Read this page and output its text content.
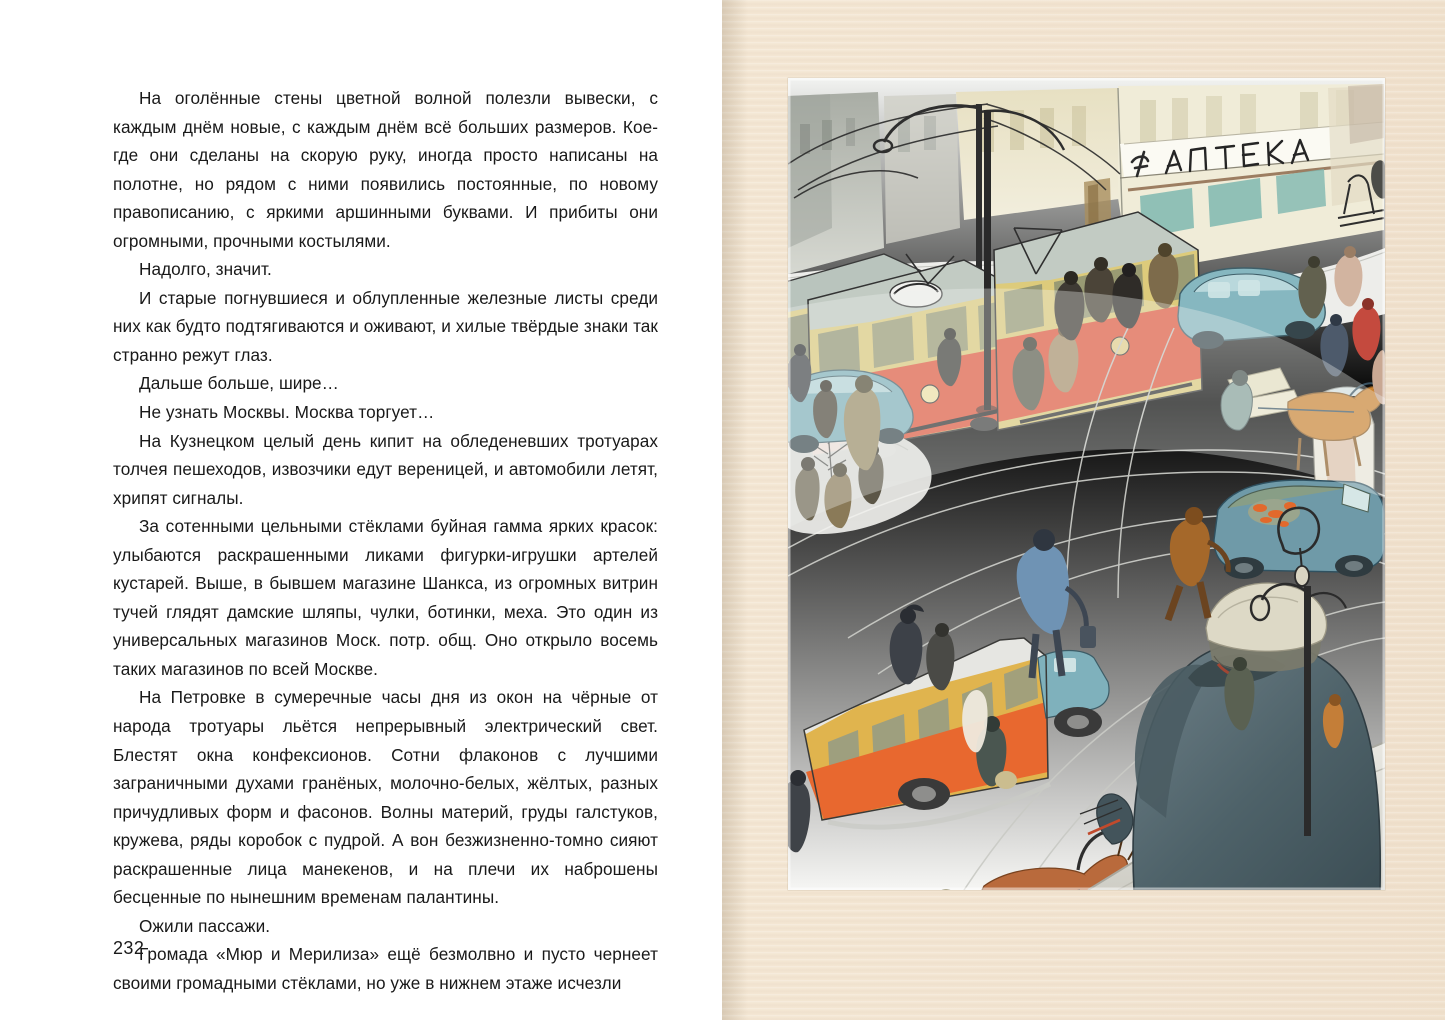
На оголённые стены цветной волной полезли вывески, с каждым днём новые, с каждым днём всё больших размеров. Кое-где они сделаны на скорую руку, иногда просто написаны на полотне, но рядом с ними появились постоянные, по новому правописанию, с яркими аршинными буквами. И прибиты они огромными, прочными костылями.

Надолго, значит.

И старые погнувшиеся и облупленные железные листы среди них как будто подтягиваются и оживают, и хилые твёрдые знаки так странно режут глаз.

Дальше больше, шире…

Не узнать Москвы. Москва торгует…

На Кузнецком целый день кипит на обледеневших тротуарах толчея пешеходов, извозчики едут вереницей, и автомобили летят, хрипят сигналы.

За сотенными цельными стёклами буйная гамма ярких красок: улыбаются раскрашенными ликами фигурки-игрушки артелей кустарей. Выше, в бывшем магазине Шанкса, из огромных витрин тучей глядят дамские шляпы, чулки, ботинки, меха. Это один из универсальных магазинов Моск. потр. общ. Оно открыло восемь таких магазинов по всей Москве.

На Петровке в сумеречные часы дня из окон на чёрные от народа тротуары льётся непрерывный электрический свет. Блестят окна конфексионов. Сотни флаконов с лучшими заграничными духами гранёных, молочно-белых, жёлтых, разных причудливых форм и фасонов. Волны материй, груды галстуков, кружева, ряды коробок с пудрой. А вон безжизненно-томно сияют раскрашенные лица манекенов, и на плечи их наброшены бесценные по нынешним временам палантины.

Ожили пассажи.

Громада «Мюр и Мерилиза» ещё безмолвно и пусто чернеет своими громадными стёклами, но уже в нижнем этаже исчезли

232
